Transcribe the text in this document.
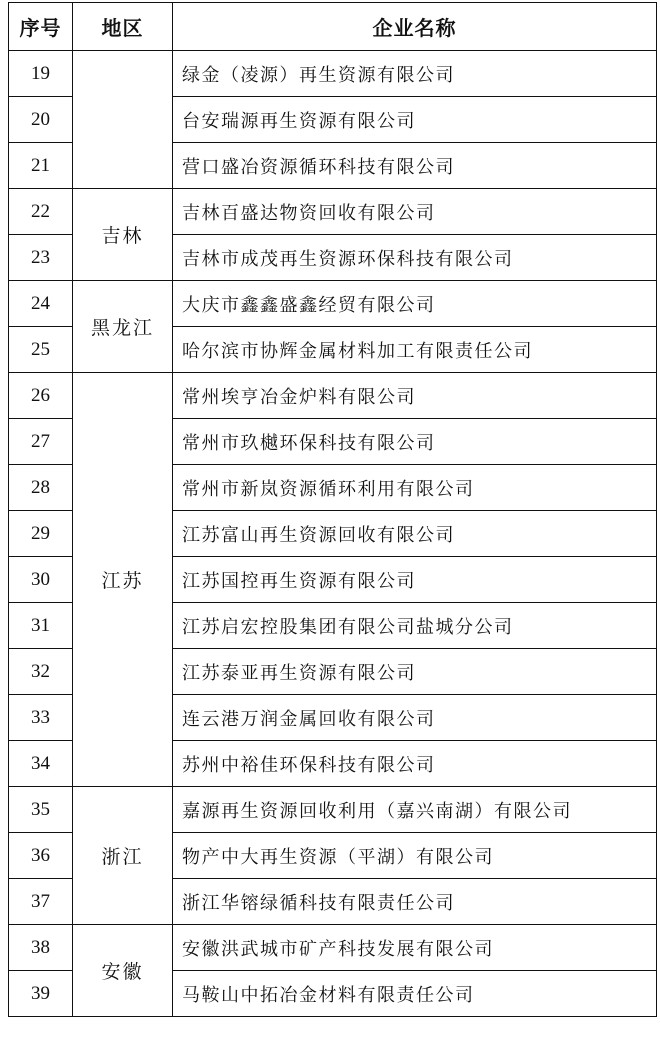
序号	地区	企业名称
19		绿金（凌源）再生资源有限公司
20		台安瑞源再生资源有限公司
21		营口盛冶资源循环科技有限公司
22	吉林	吉林百盛达物资回收有限公司
23		吉林市成茂再生资源环保科技有限公司
24	黑龙江	大庆市鑫鑫盛鑫经贸有限公司
25		哈尔滨市协辉金属材料加工有限责任公司
26	江苏	常州埃亨冶金炉料有限公司
27		常州市玖樾环保科技有限公司
28		常州市新岚资源循环利用有限公司
29		江苏富山再生资源回收有限公司
30		江苏国控再生资源有限公司
31		江苏启宏控股集团有限公司盐城分公司
32		江苏泰亚再生资源有限公司
33		连云港万润金属回收有限公司
34		苏州中裕佳环保科技有限公司
35	浙江	嘉源再生资源回收利用（嘉兴南湖）有限公司
36		物产中大再生资源（平湖）有限公司
37		浙江华镕绿循科技有限责任公司
38	安徽	安徽洪武城市矿产科技发展有限公司
39		马鞍山中拓冶金材料有限责任公司
